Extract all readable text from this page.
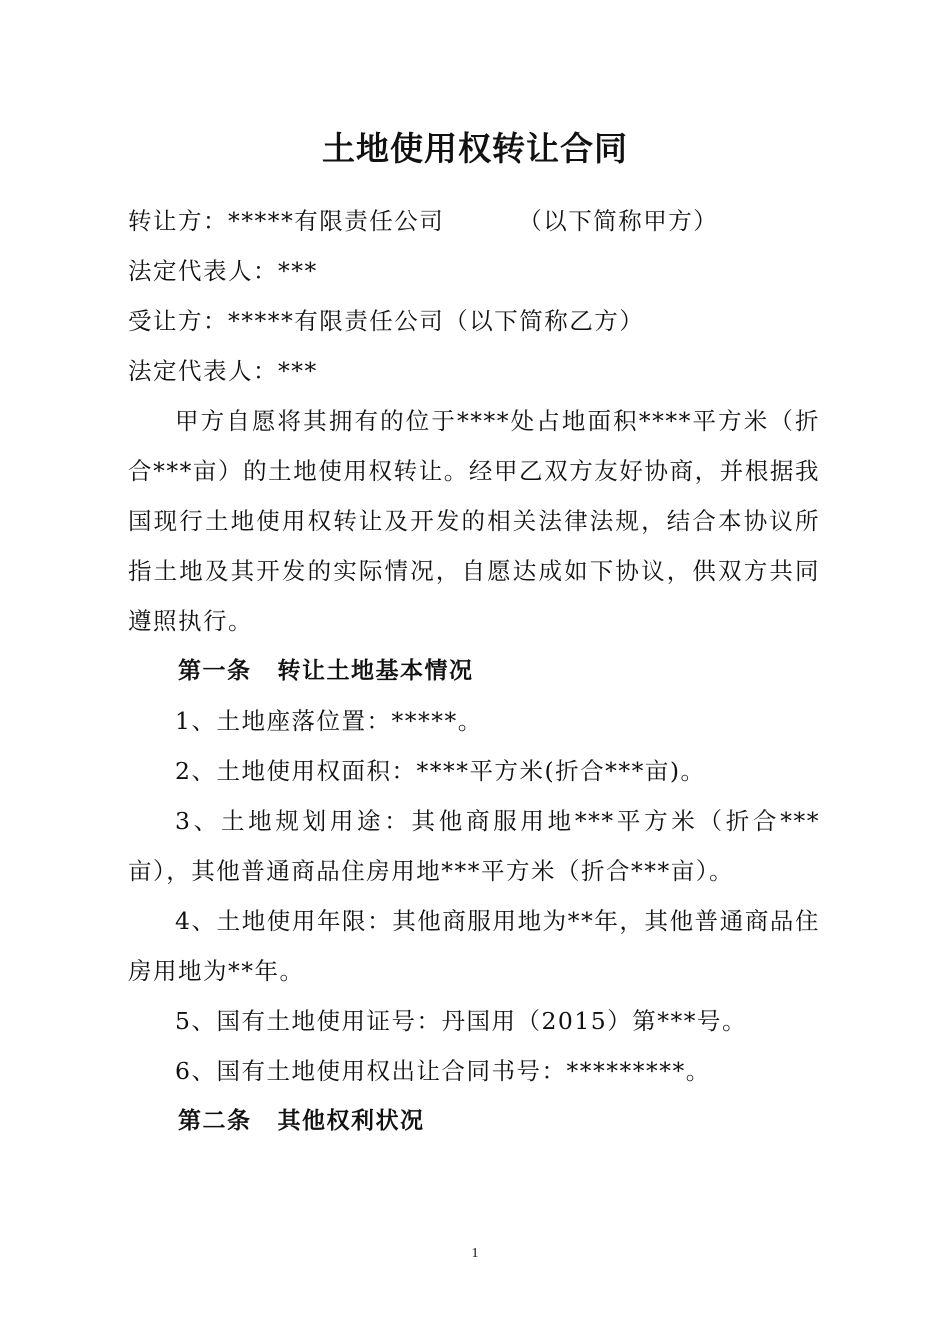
土地使用权转让合同

转让方：*****有限责任公司	（以下简称甲方）

法定代表人：***

受让方：*****有限责任公司（以下简称乙方）

法定代表人：***

甲方自愿将其拥有的位于****处占地面积****平方米（折合***亩）的土地使用权转让。经甲乙双方友好协商，并根据我国现行土地使用权转让及开发的相关法律法规，结合本协议所指土地及其开发的实际情况，自愿达成如下协议，供双方共同遵照执行。

第一条 转让土地基本情况

1、土地座落位置：*****。

2、土地使用权面积：****平方米(折合***亩)。

3、土地规划用途：其他商服用地***平方米（折合***亩），其他普通商品住房用地***平方米（折合***亩）。

4、土地使用年限：其他商服用地为**年，其他普通商品住房用地为**年。

5、国有土地使用证号：丹国用（2015）第***号。

6、国有土地使用权出让合同书号：*********。

第二条 其他权利状况

1
